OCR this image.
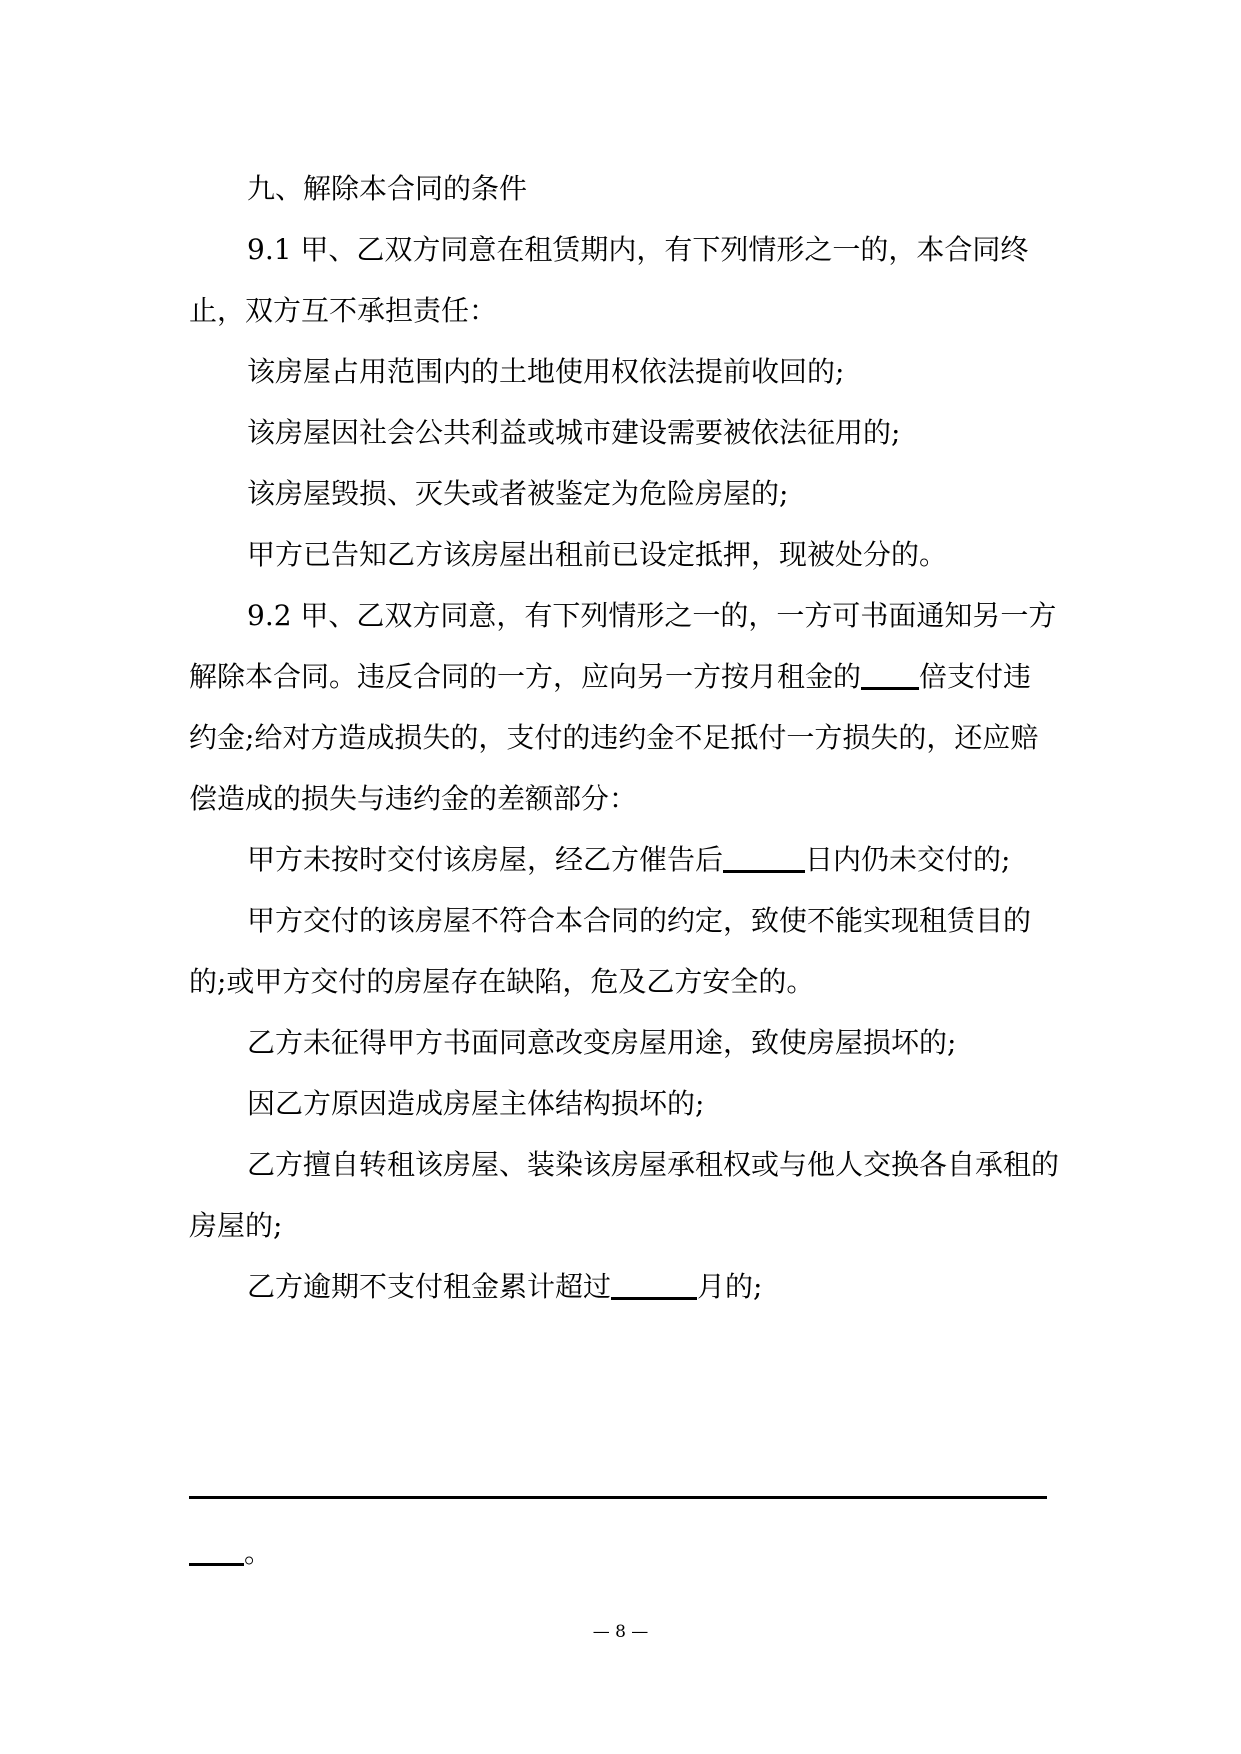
九、解除本合同的条件

9.1 甲、乙双方同意在租赁期内，有下列情形之一的，本合同终止，双方互不承担责任：

该房屋占用范围内的土地使用权依法提前收回的;

该房屋因社会公共利益或城市建设需要被依法征用的;

该房屋毁损、灭失或者被鉴定为危险房屋的;

甲方已告知乙方该房屋出租前已设定抵押，现被处分的。

9.2 甲、乙双方同意，有下列情形之一的，一方可书面通知另一方解除本合同。违反合同的一方，应向另一方按月租金的 倍支付违约金;给对方造成损失的，支付的违约金不足抵付一方损失的，还应赔偿造成的损失与违约金的差额部分：

甲方未按时交付该房屋，经乙方催告后	日内仍未交付的;

甲方交付的该房屋不符合本合同的约定，致使不能实现租赁目的的;或甲方交付的房屋存在缺陷，危及乙方安全的。

乙方未征得甲方书面同意改变房屋用途，致使房屋损坏的;

因乙方原因造成房屋主体结构损坏的;

乙方擅自转租该房屋、装染该房屋承租权或与他人交换各自承租的房屋的;

乙方逾期不支付租金累计超过	月的;

。
— 8 —
